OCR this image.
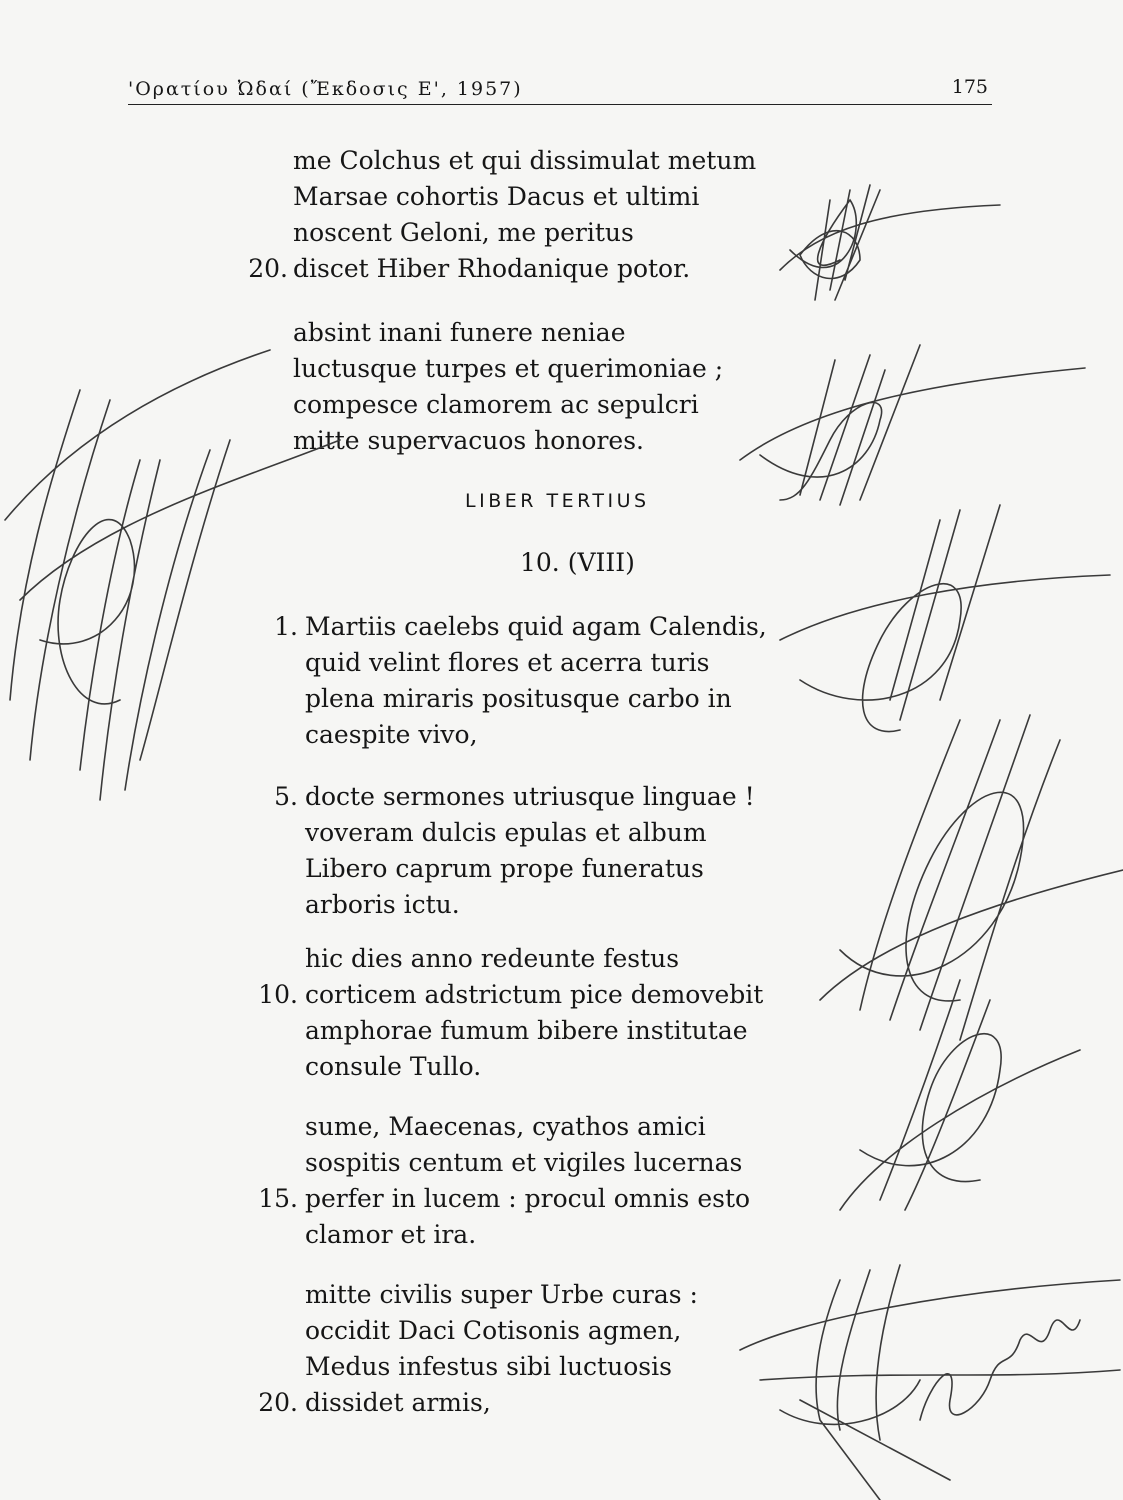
'Ορατίου Ὠδαί (Ἔκδοσις Ε', 1957)	175
me Colchus et qui dissimulat metum
Marsae cohortis Dacus et ultimi
noscent Geloni, me peritus
20. discet Hiber Rhodanique potor.
absint inani funere neniae
luctusque turpes et querimoniae ;
compesce clamorem ac sepulcri
mitte supervacuos honores.
1. Martiis caelebs quid agam Calendis,
quid velint flores et acerra turis
plena miraris positusque carbo in
caespite vivo,
5. docte sermones utriusque linguae !
voveram dulcis epulas et album
Libero caprum prope funeratus
arboris ictu.
hic dies anno redeunte festus
10. corticem adstrictum pice demovebit
amphorae fumum bibere institutae
consule Tullo.
sume, Maecenas, cyathos amici
sospitis centum et vigiles lucernas
15. perfer in lucem : procul omnis esto
clamor et ira.
mitte civilis super Urbe curas :
occidit Daci Cotisonis agmen,
Medus infestus sibi luctuosis
20. dissidet armis,
LIBER TERTIUS
10. (VIII)
